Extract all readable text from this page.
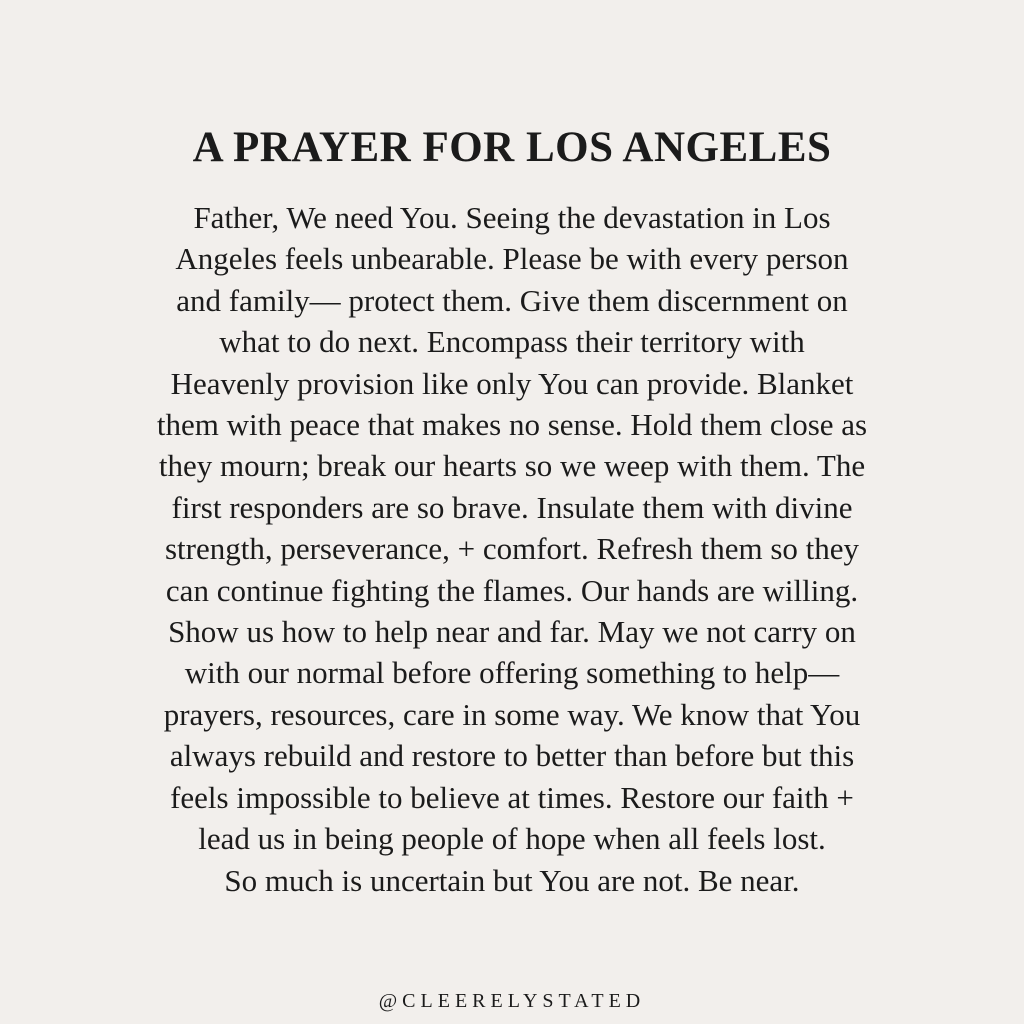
A PRAYER FOR LOS ANGELES
Father, We need You. Seeing the devastation in Los
Angeles feels unbearable. Please be with every person
and family— protect them. Give them discernment on
what to do next. Encompass their territory with
Heavenly provision like only You can provide. Blanket
them with peace that makes no sense. Hold them close as
they mourn; break our hearts so we weep with them. The
first responders are so brave. Insulate them with divine
strength, perseverance, + comfort. Refresh them so they
can continue fighting the flames. Our hands are willing.
Show us how to help near and far. May we not carry on
with our normal before offering something to help—
prayers, resources, care in some way. We know that You
always rebuild and restore to better than before but this
feels impossible to believe at times. Restore our faith +
lead us in being people of hope when all feels lost.
So much is uncertain but You are not. Be near.
@CLEERELYSTATED
